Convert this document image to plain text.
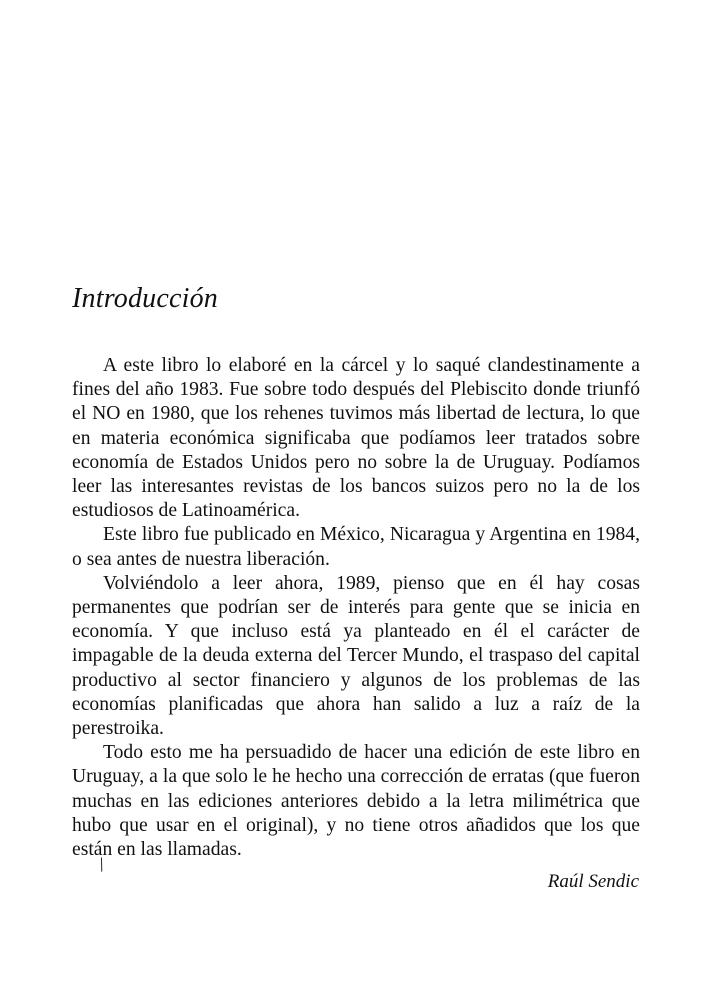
Introducción

A este libro lo elaboré en la cárcel y lo saqué clandestinamente a fines del año 1983. Fue sobre todo después del Plebiscito donde triunfó el NO en 1980, que los rehenes tuvimos más libertad de lectura, lo que en materia económica significaba que podíamos leer tratados sobre economía de Estados Unidos pero no sobre la de Uruguay. Podíamos leer las interesantes revistas de los bancos suizos pero no la de los estudiosos de Latinoamérica.

Este libro fue publicado en México, Nicaragua y Argentina en 1984, o sea antes de nuestra liberación.

Volviéndolo a leer ahora, 1989, pienso que en él hay cosas permanentes que podrían ser de interés para gente que se inicia en economía. Y que incluso está ya planteado en él el carácter de impagable de la deuda externa del Tercer Mundo, el traspaso del capital productivo al sector financiero y algunos de los problemas de las economías planificadas que ahora han salido a luz a raíz de la perestroika.

Todo esto me ha persuadido de hacer una edición de este libro en Uruguay, a la que solo le he hecho una corrección de erratas (que fueron muchas en las ediciones anteriores debido a la letra milimétrica que hubo que usar en el original), y no tiene otros añadidos que los que están en las llamadas.

/

Raúl Sendic
